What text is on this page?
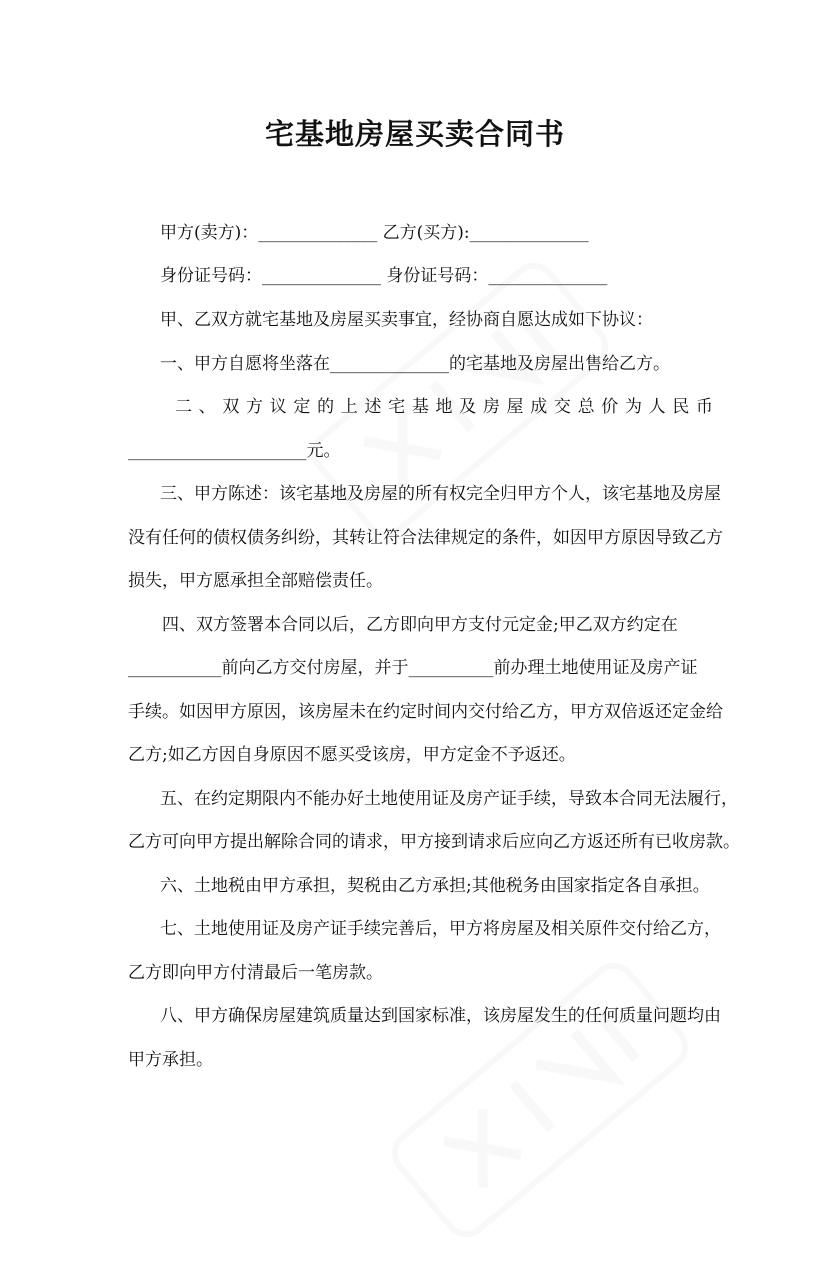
宅基地房屋买卖合同书
甲方(卖方)：______________ 乙方(买方):______________
身份证号码：______________ 身份证号码：______________
甲、乙双方就宅基地及房屋买卖事宜，经协商自愿达成如下协议：
一、甲方自愿将坐落在______________的宅基地及房屋出售给乙方。
二、双方议定的上述宅基地及房屋成交总价为人民币
_____________________元。
三、甲方陈述：该宅基地及房屋的所有权完全归甲方个人，该宅基地及房屋
没有任何的债权债务纠纷，其转让符合法律规定的条件，如因甲方原因导致乙方
损失，甲方愿承担全部赔偿责任。
四、双方签署本合同以后，乙方即向甲方支付元定金;甲乙双方约定在
___________前向乙方交付房屋，并于__________前办理土地使用证及房产证
手续。如因甲方原因，该房屋未在约定时间内交付给乙方，甲方双倍返还定金给
乙方;如乙方因自身原因不愿买受该房，甲方定金不予返还。
五、在约定期限内不能办好土地使用证及房产证手续，导致本合同无法履行，
乙方可向甲方提出解除合同的请求，甲方接到请求后应向乙方返还所有已收房款。
六、土地税由甲方承担，契税由乙方承担;其他税务由国家指定各自承担。
七、土地使用证及房产证手续完善后，甲方将房屋及相关原件交付给乙方，
乙方即向甲方付清最后一笔房款。
八、甲方确保房屋建筑质量达到国家标准，该房屋发生的任何质量问题均由
甲方承担。
